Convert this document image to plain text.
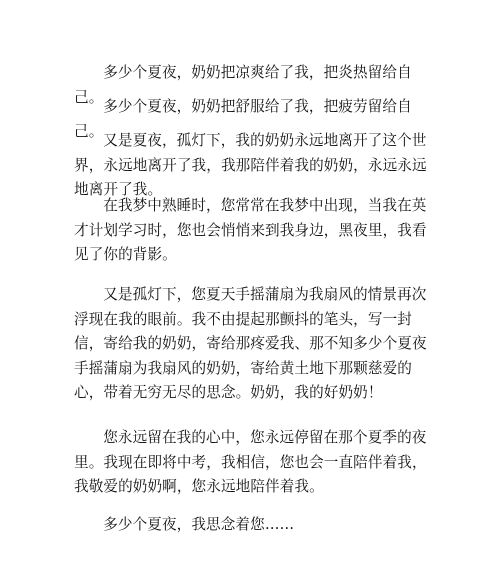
多少个夏夜，奶奶把凉爽给了我，把炎热留给自己。

多少个夏夜，奶奶把舒服给了我，把疲劳留给自己。

又是夏夜，孤灯下，我的奶奶永远地离开了这个世界，永远地离开了我，我那陪伴着我的奶奶，永远永远地离开了我。

在我梦中熟睡时，您常常在我梦中出现，当我在英才计划学习时，您也会悄悄来到我身边，黑夜里，我看见了你的背影。

又是孤灯下，您夏天手摇蒲扇为我扇风的情景再次浮现在我的眼前。我不由提起那颤抖的笔头，写一封信，寄给我的奶奶，寄给那疼爱我、那不知多少个夏夜手摇蒲扇为我扇风的奶奶，寄给黄土地下那颗慈爱的心，带着无穷无尽的思念。奶奶，我的好奶奶！

您永远留在我的心中，您永远停留在那个夏季的夜里。我现在即将中考，我相信，您也会一直陪伴着我，我敬爱的奶奶啊，您永远地陪伴着我。

多少个夏夜，我思念着您……
